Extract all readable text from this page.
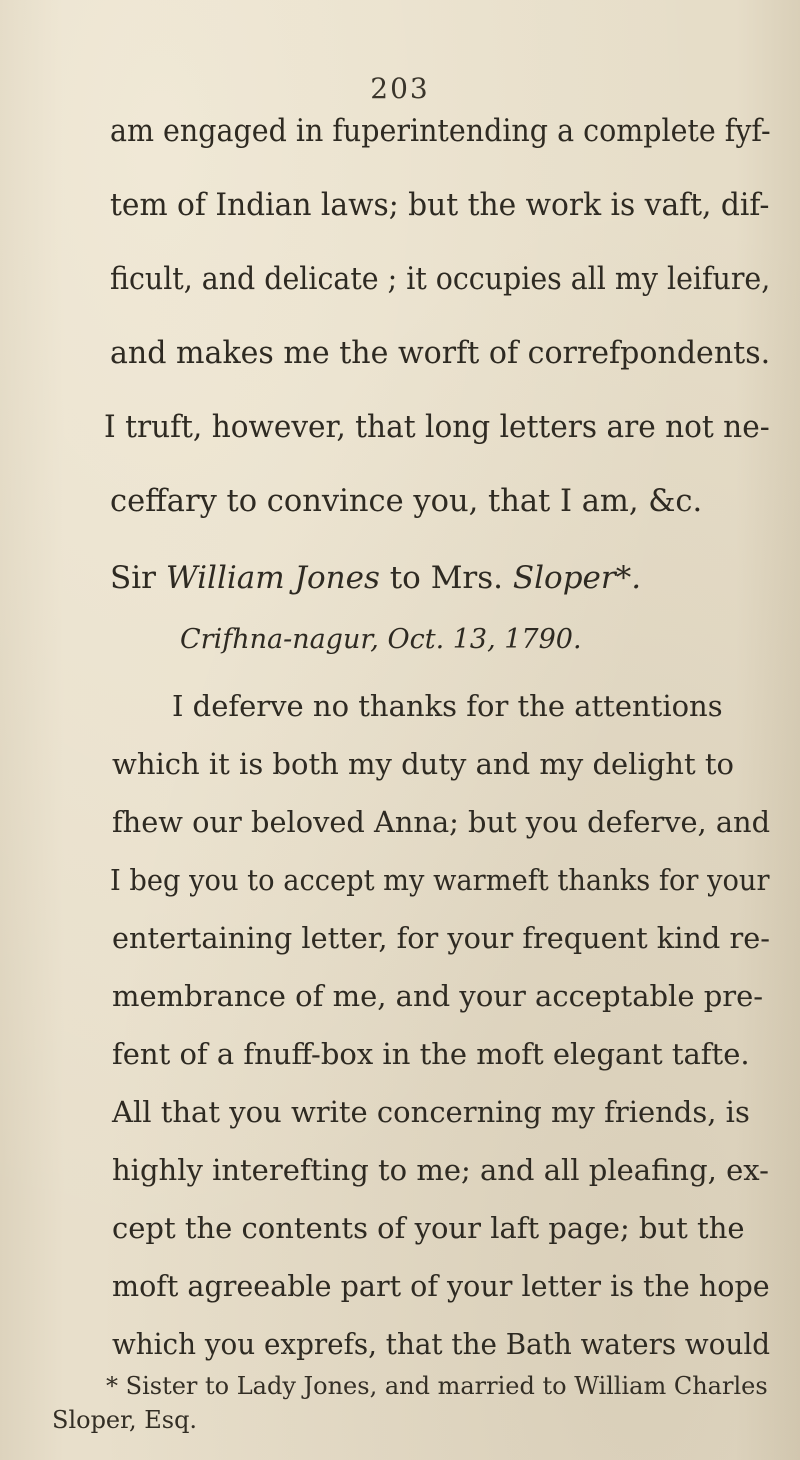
203
am engaged in fuperintending a complete fyf-
tem of Indian laws; but the work is vaft, dif-
ficult, and delicate ; it occupies all my leifure,
and makes me the worft of correfpondents.
I truft, however, that long letters are not ne-
ceffary to convince you, that I am, &c.
Sir William Jones to Mrs. Sloper*.
Crifhna-nagur, Oct. 13, 1790.
I deferve no thanks for the attentions
which it is both my duty and my delight to
fhew our beloved Anna; but you deferve, and
I beg you to accept my warmeft thanks for your
entertaining letter, for your frequent kind re-
membrance of me, and your acceptable pre-
fent of a fnuff-box in the moft elegant tafte.
All that you write concerning my friends, is
highly interefting to me; and all pleafing, ex-
cept the contents of your laft page; but the
moft agreeable part of your letter is the hope
which you exprefs, that the Bath waters would
* Sister to Lady Jones, and married to William Charles
Sloper, Esq.
